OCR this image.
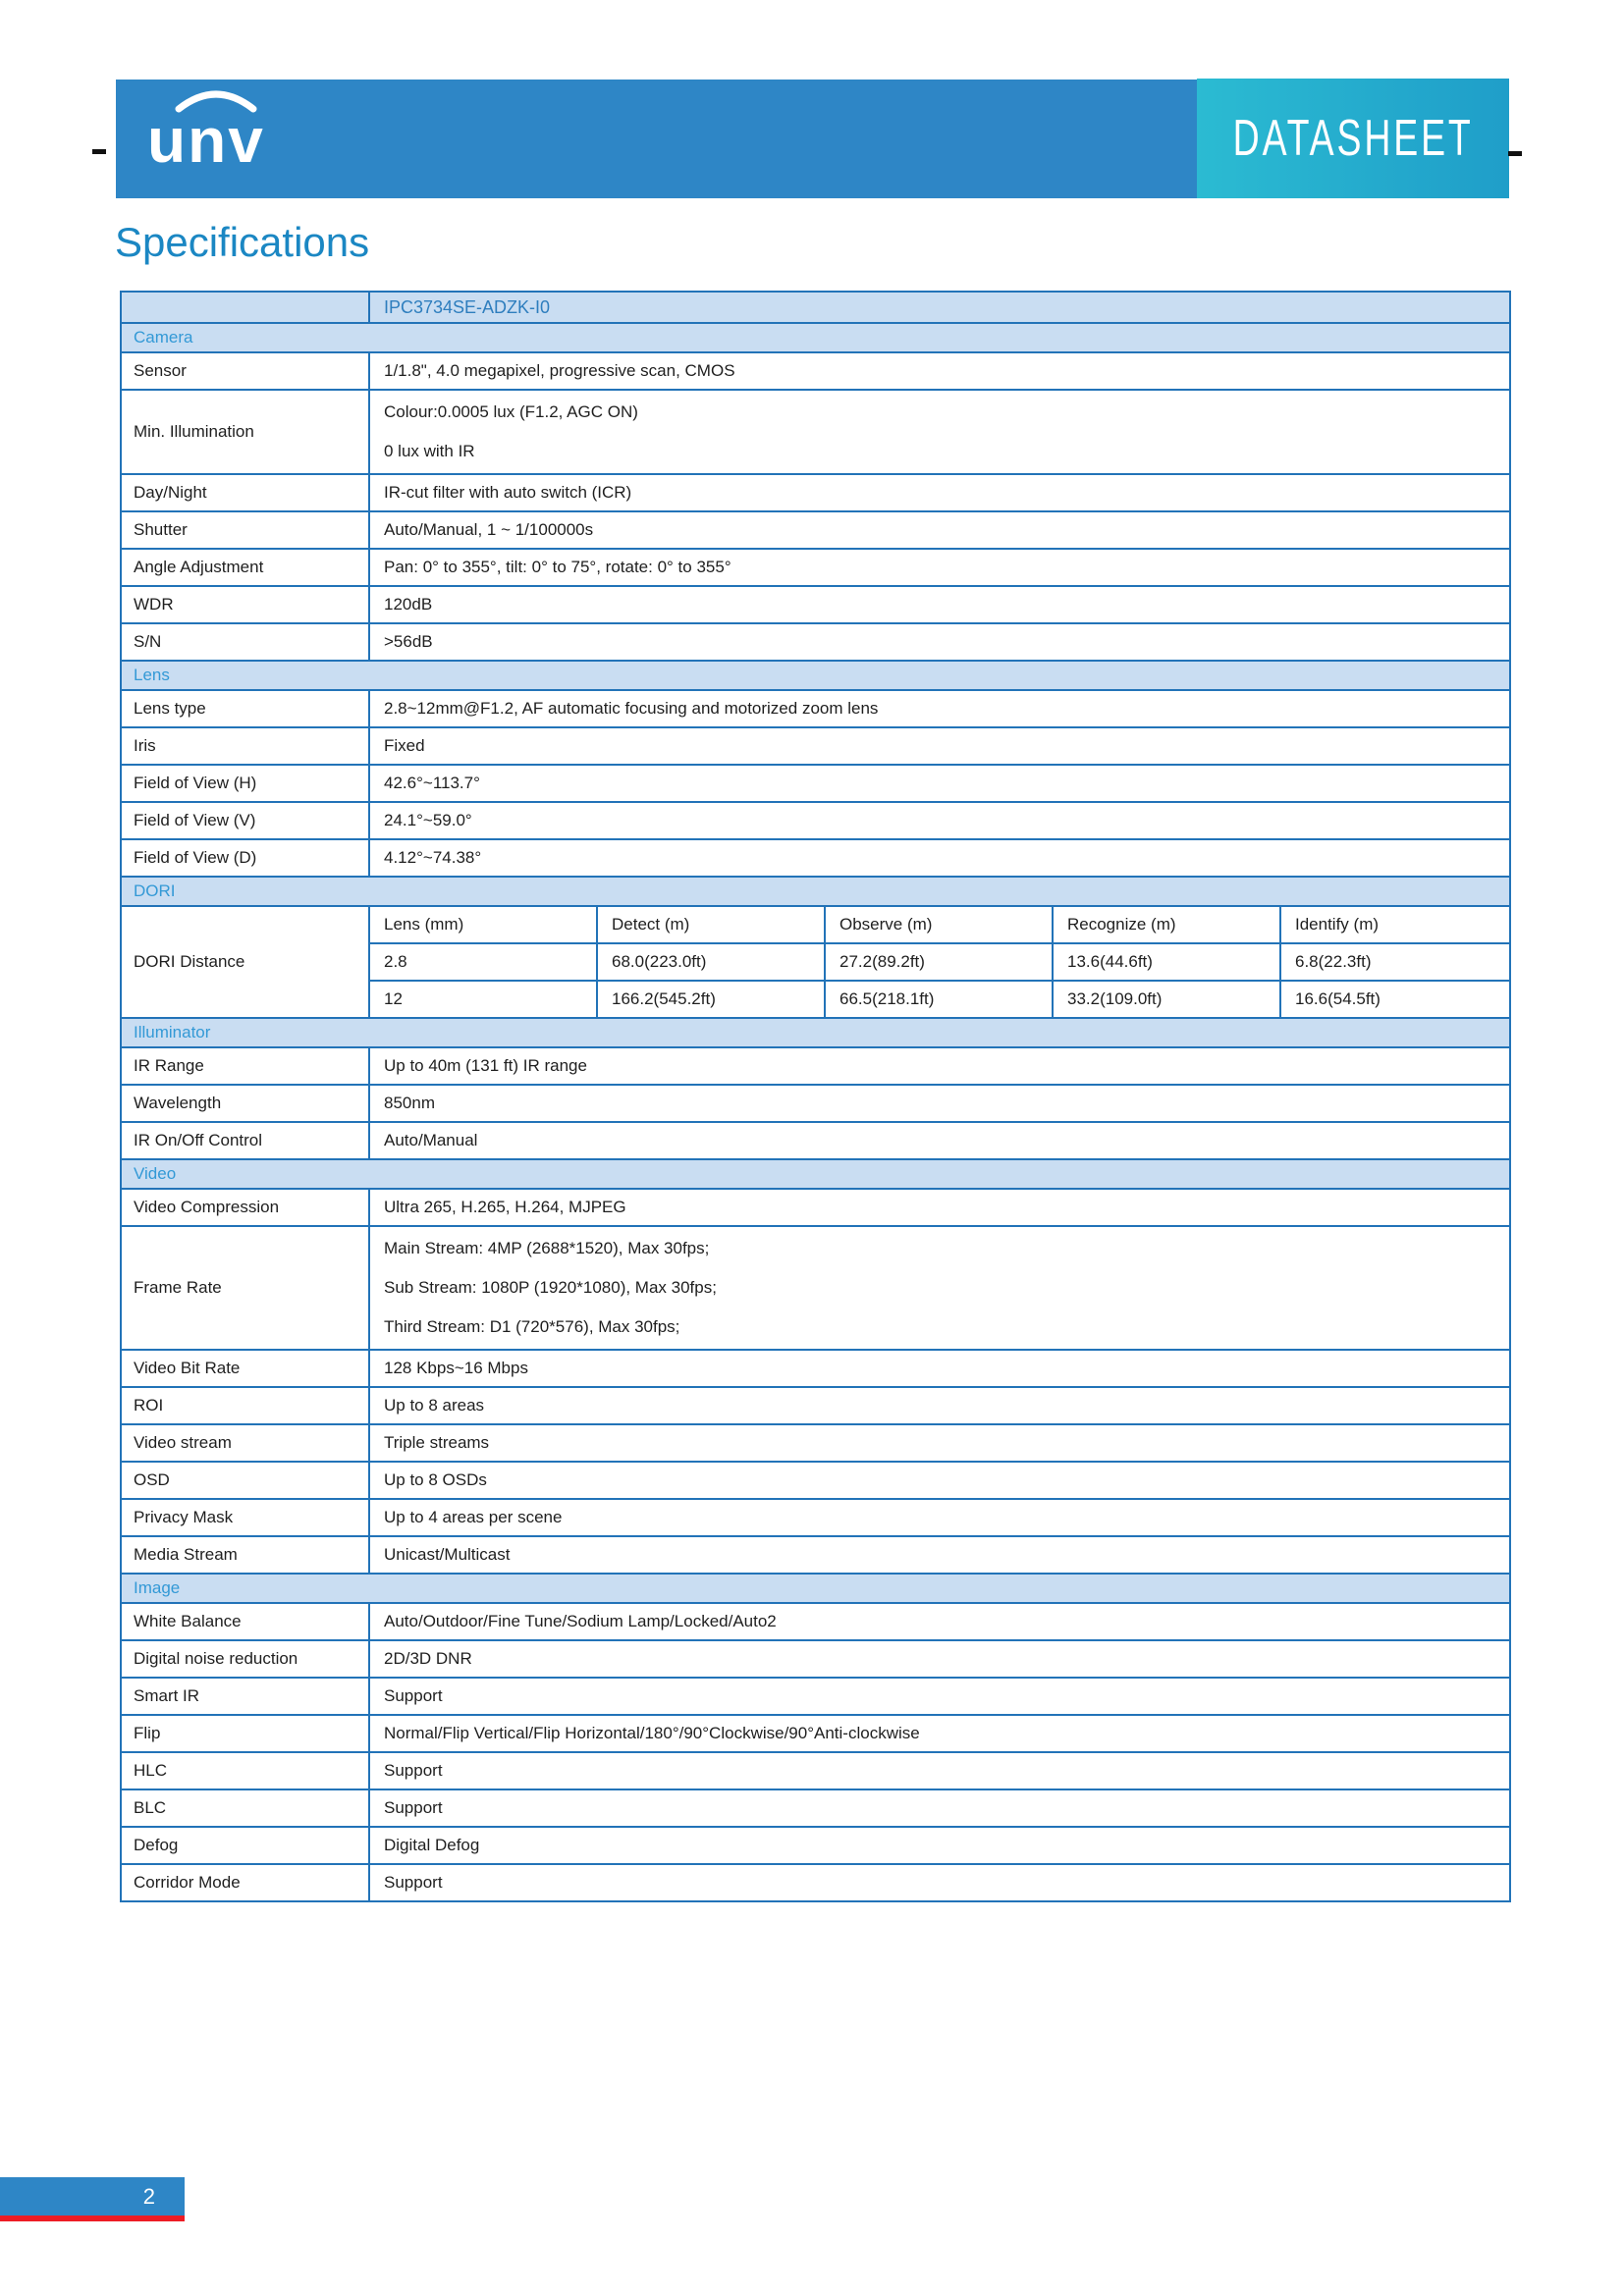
unv	DATASHEET
Specifications
	IPC3734SE-ADZK-I0				
Camera					
Sensor	1/1.8", 4.0 megapixel, progressive scan, CMOS				
Min. Illumination	Colour:0.0005 lux (F1.2, AGC ON)
0 lux with IR				

Day/Night	IR-cut filter with auto switch (ICR)				
Shutter	Auto/Manual, 1 ~ 1/100000s				
Angle Adjustment	Pan: 0° to 355°, tilt: 0° to 75°, rotate: 0° to 355°				
WDR	120dB				
S/N	>56dB				
Lens					
Lens type	2.8~12mm@F1.2, AF automatic focusing and motorized zoom lens				
Iris	Fixed				
Field of View (H)	42.6°~113.7°				
Field of View (V)	24.1°~59.0°				
Field of View (D)	4.12°~74.38°				
DORI					
DORI Distance	Lens (mm)	Detect (m)	Observe (m)	Recognize (m)	Identify (m)
	2.8	68.0(223.0ft)	27.2(89.2ft)	13.6(44.6ft)	6.8(22.3ft)
	12	166.2(545.2ft)	66.5(218.1ft)	33.2(109.0ft)	16.6(54.5ft)
Illuminator					
IR Range	Up to 40m (131 ft) IR range				
Wavelength	850nm				
IR On/Off Control	Auto/Manual				
Video					
Video Compression	Ultra 265, H.265, H.264, MJPEG				
Frame Rate	Main Stream: 4MP (2688*1520), Max 30fps;
Sub Stream: 1080P (1920*1080), Max 30fps;
Third Stream: D1 (720*576), Max 30fps;				

Video Bit Rate	128 Kbps~16 Mbps				
ROI	Up to 8 areas				
Video stream	Triple streams				
OSD	Up to 8 OSDs				
Privacy Mask	Up to 4 areas per scene				
Media Stream	Unicast/Multicast				
Image					
White Balance	Auto/Outdoor/Fine Tune/Sodium Lamp/Locked/Auto2				
Digital noise reduction	2D/3D DNR				
Smart IR	Support				
Flip	Normal/Flip Vertical/Flip Horizontal/180°/90°Clockwise/90°Anti-clockwise				
HLC	Support				
BLC	Support				
Defog	Digital Defog				
Corridor Mode	Support				
2
